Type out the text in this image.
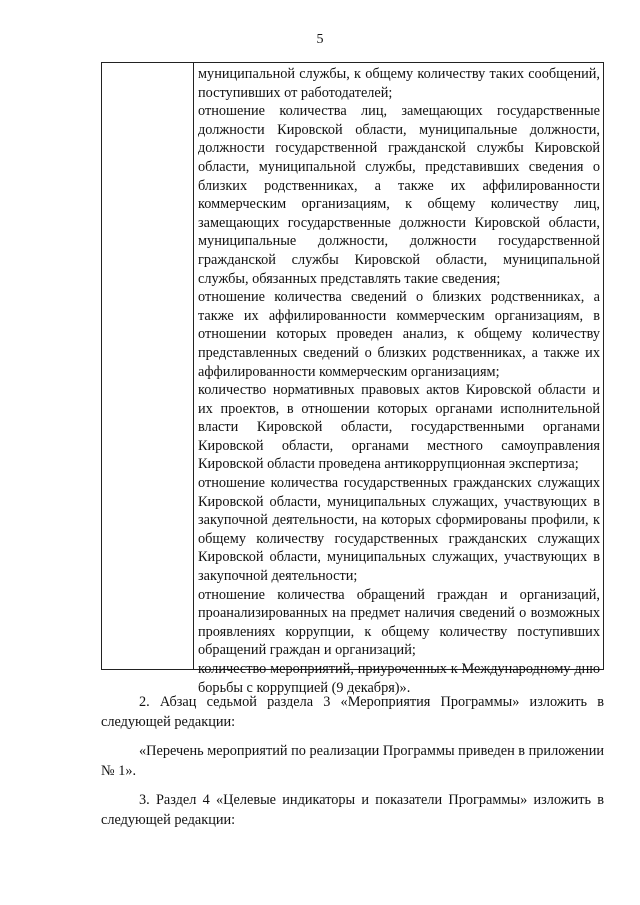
5

муниципальной службы, к общему количеству таких сообщений, поступивших от работодателей;

отношение количества лиц, замещающих государственные должности Кировской области, муниципальные должности, должности государственной гражданской службы Кировской области, муниципальной службы, представивших сведения о близких родственниках, а также их аффилированности коммерческим организациям, к общему количеству лиц, замещающих государственные должности Кировской области, муниципальные должности, должности государственной гражданской службы Кировской области, муниципальной службы, обязанных представлять такие сведения;

отношение количества сведений о близких родственниках, а также их аффилированности коммерческим организациям, в отношении которых проведен анализ, к общему количеству представленных сведений о близких родственниках, а также их аффилированности коммерческим организациям;

количество нормативных правовых актов Кировской области и их проектов, в отношении которых органами исполнительной власти Кировской области, государственными органами Кировской области, органами местного самоуправления Кировской области проведена антикоррупционная экспертиза;

отношение количества государственных гражданских служащих Кировской области, муниципальных служащих, участвующих в закупочной деятельности, на которых сформированы профили, к общему количеству государственных гражданских служащих Кировской области, муниципальных служащих, участвующих в закупочной деятельности;

отношение количества обращений граждан и организаций, проанализированных на предмет наличия сведений о возможных проявлениях коррупции, к общему количеству поступивших обращений граждан и организаций;

количество мероприятий, приуроченных к Международному дню борьбы с коррупцией (9 декабря)».

2. Абзац седьмой раздела 3 «Мероприятия Программы» изложить в следующей редакции:

«Перечень мероприятий по реализации Программы приведен в приложении № 1».

3. Раздел 4 «Целевые индикаторы и показатели Программы» изложить в следующей редакции:
